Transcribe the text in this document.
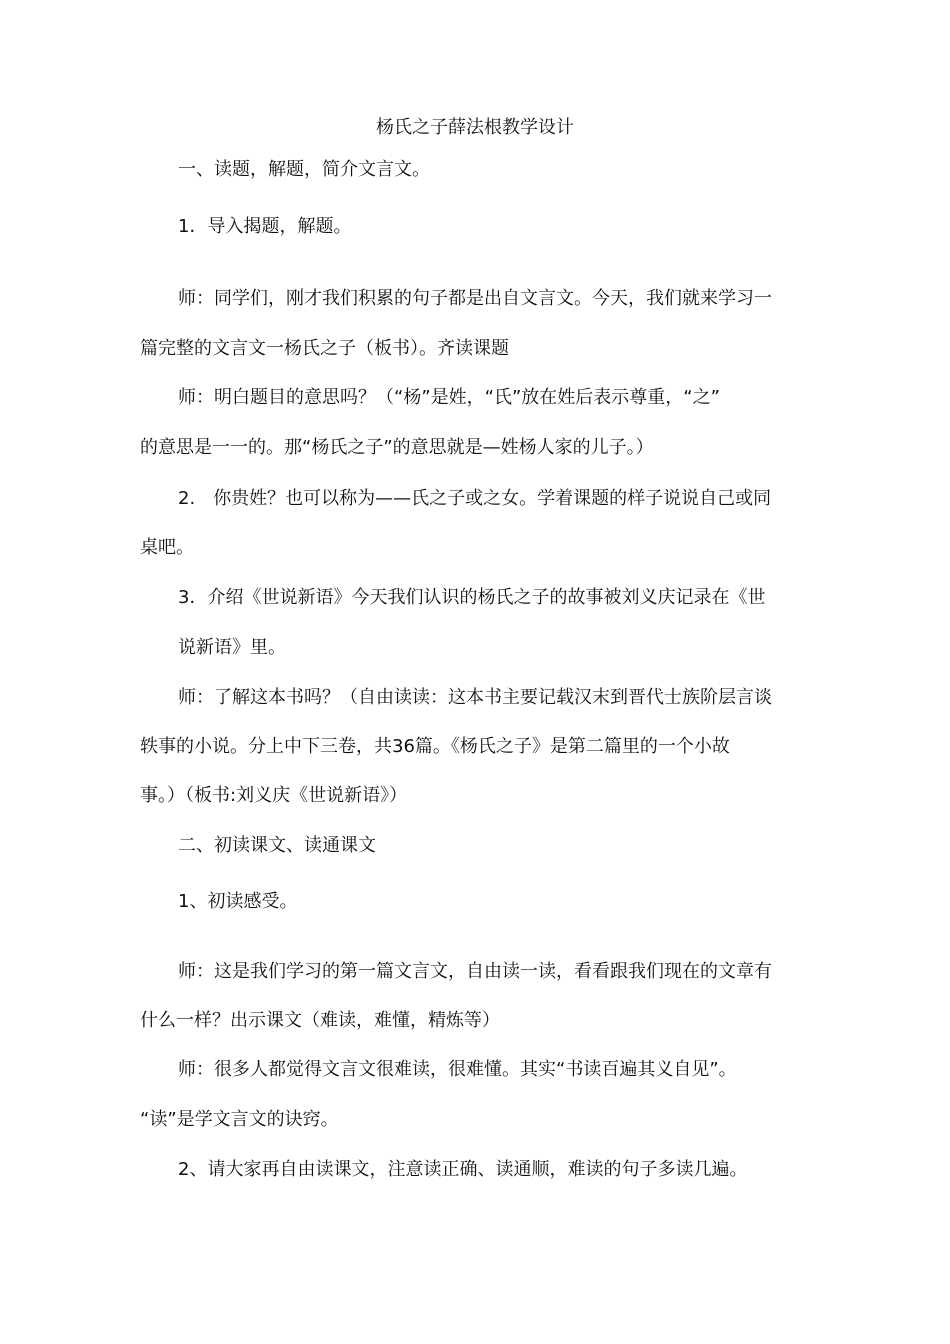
杨氏之子薛法根教学设计

一、读题，解题，简介文言文。

1．导入揭题，解题。

师：同学们，刚才我们积累的句子都是出自文言文。今天，我们就来学习一

篇完整的文言文一杨氏之子（板书）。齐读课题

师：明白题目的意思吗？（“杨”是姓，“氏”放在姓后表示尊重，“之”

的意思是一一的。那“杨氏之子”的意思就是—姓杨人家的儿子。）

2.　你贵姓？也可以称为——氏之子或之女。学着课题的样子说说自己或同

桌吧。

3．介绍《世说新语》今天我们认识的杨氏之子的故事被刘义庆记录在《世

说新语》里。

师：了解这本书吗？（自由读读：这本书主要记载汉末到晋代士族阶层言谈

轶事的小说。分上中下三卷，共36篇。《杨氏之子》是第二篇里的一个小故

事。）（板书:刘义庆《世说新语》）

二、初读课文、读通课文

1、初读感受。

师：这是我们学习的第一篇文言文，自由读一读，看看跟我们现在的文章有

什么一样？出示课文（难读，难懂，精炼等）

师：很多人都觉得文言文很难读，很难懂。其实“书读百遍其义自见”。

“读”是学文言文的诀窍。

2、请大家再自由读课文，注意读正确、读通顺，难读的句子多读几遍。
